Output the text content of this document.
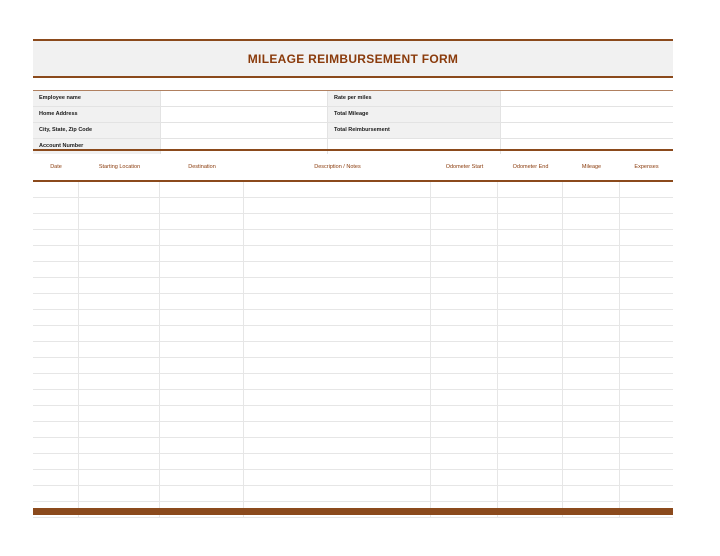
MILEAGE REIMBURSEMENT FORM
Employee name	Rate per miles
Home Address	Total Mileage
City, State, Zip Code	Total Reimbursement
Account Number
Date	Starting Location	Destination	Description / Notes	Odometer Start	Odometer End	Mileage	Expenses
